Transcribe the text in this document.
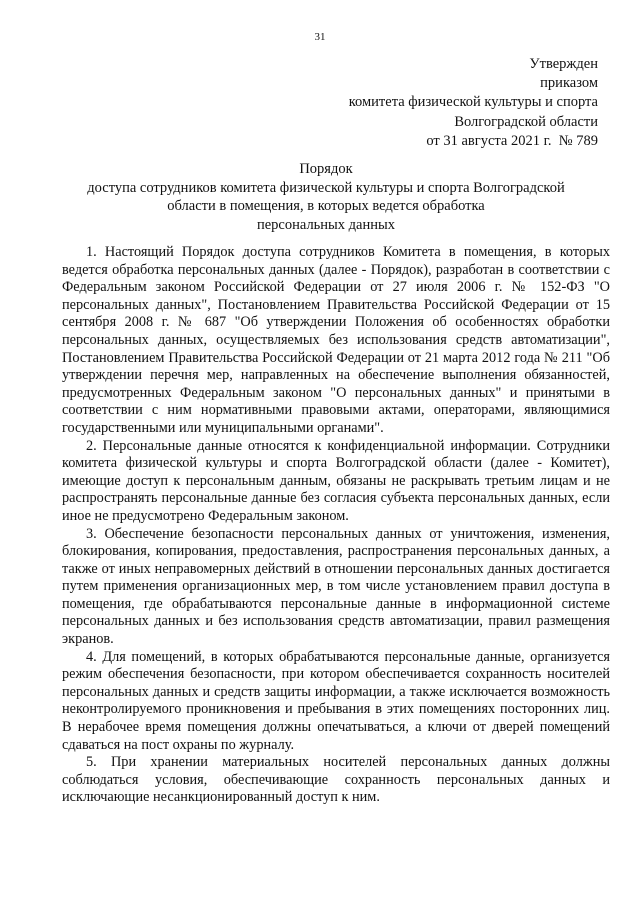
31
Утвержден
приказом
комитета физической культуры и спорта
Волгоградской области
от 31 августа 2021 г.  № 789
Порядок
доступа сотрудников комитета физической культуры и спорта Волгоградской
области в помещения, в которых ведется обработка
персональных данных

1. Настоящий Порядок доступа сотрудников Комитета в помещения, в которых ведется обработка персональных данных (далее - Порядок), разработан в соответствии с Федеральным законом Российской Федерации от 27 июля 2006 г. № 152-ФЗ "О персональных данных", Постановлением Правительства Российской Федерации от 15 сентября 2008 г. № 687 "Об утверждении Положения об особенностях обработки персональных данных, осуществляемых без использования средств автоматизации", Постановлением Правительства Российской Федерации от 21 марта 2012 года № 211 "Об утверждении перечня мер, направленных на обеспечение выполнения обязанностей, предусмотренных Федеральным законом "О персональных данных" и принятыми в соответствии с ним нормативными правовыми актами, операторами, являющимися государственными или муниципальными органами".

2. Персональные данные относятся к конфиденциальной информации. Сотрудники комитета физической культуры и спорта Волгоградской области (далее - Комитет), имеющие доступ к персональным данным, обязаны не раскрывать третьим лицам и не распространять персональные данные без согласия субъекта персональных данных, если иное не предусмотрено Федеральным законом.

3. Обеспечение безопасности персональных данных от уничтожения, изменения, блокирования, копирования, предоставления, распространения персональных данных, а также от иных неправомерных действий в отношении персональных данных достигается путем применения организационных мер, в том числе установлением правил доступа в помещения, где обрабатываются персональные данные в информационной системе персональных данных и без использования средств автоматизации, правил размещения экранов.

4. Для помещений, в которых обрабатываются персональные данные, организуется режим обеспечения безопасности, при котором обеспечивается сохранность носителей персональных данных и средств защиты информации, а также исключается возможность неконтролируемого проникновения и пребывания в этих помещениях посторонних лиц. В нерабочее время помещения должны опечатываться, а ключи от дверей помещений сдаваться на пост охраны по журналу.

5. При хранении материальных носителей персональных данных должны соблюдаться условия, обеспечивающие сохранность персональных данных и исключающие несанкционированный доступ к ним.
